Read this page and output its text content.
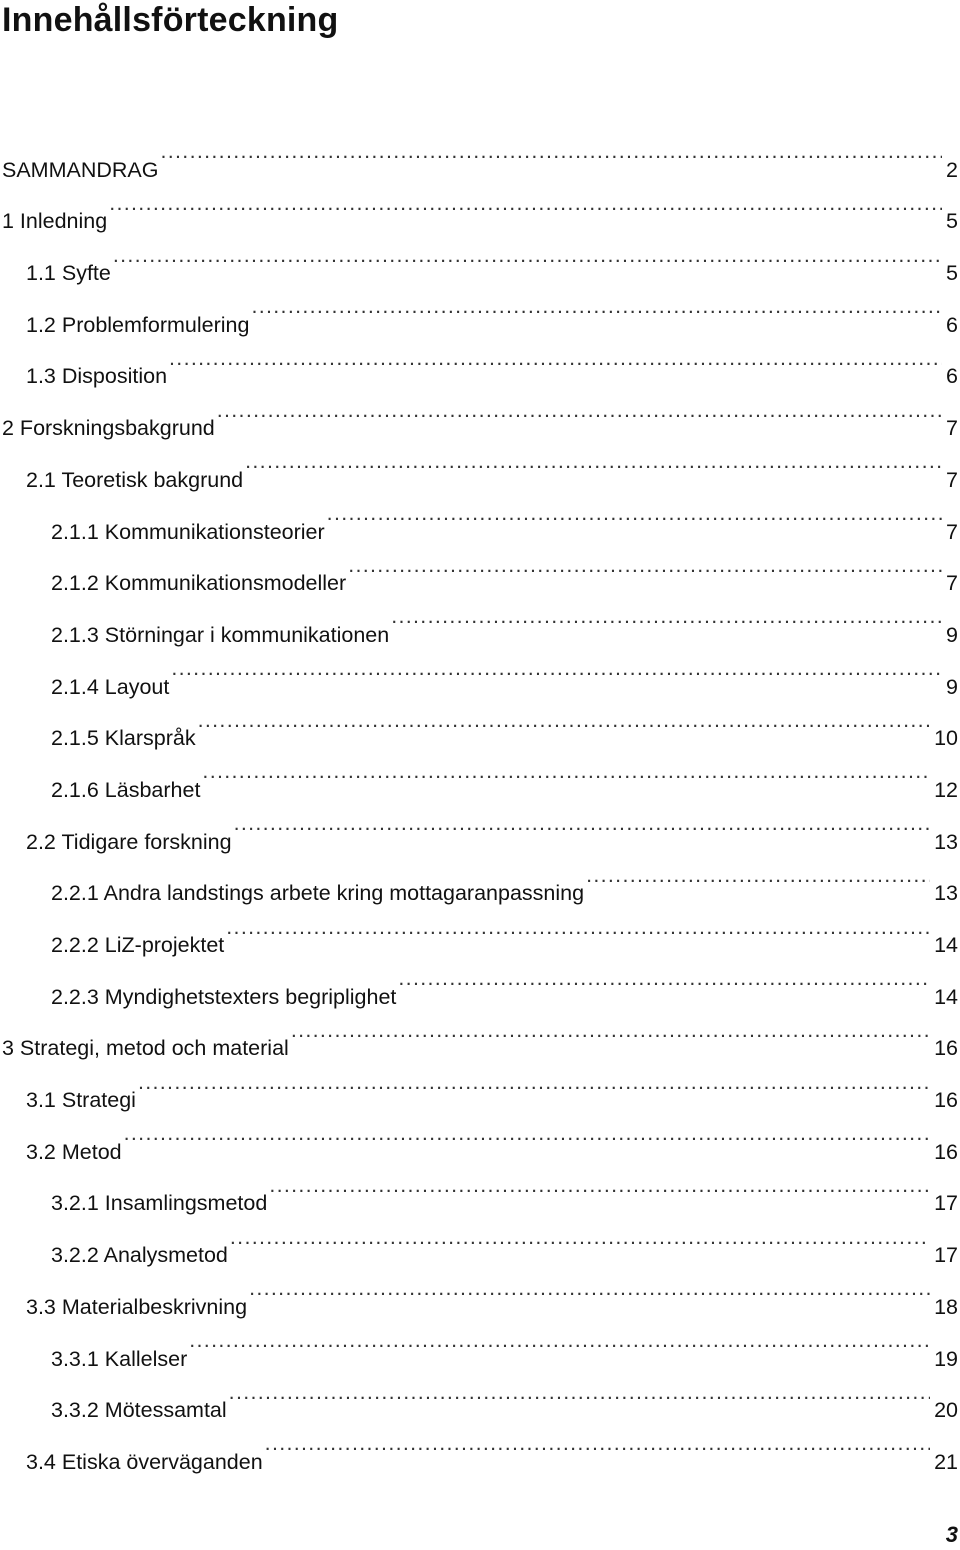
Innehållsförteckning
SAMMANDRAG .....	2
1 Inledning .....	5
1.1 Syfte .....	5
1.2 Problemformulering .....	6
1.3 Disposition .....	6
2 Forskningsbakgrund .....	7
2.1 Teoretisk bakgrund .....	7
2.1.1 Kommunikationsteorier .....	7
2.1.2 Kommunikationsmodeller .....	7
2.1.3 Störningar i kommunikationen .....	9
2.1.4 Layout .....	9
2.1.5 Klarspråk .....	10
2.1.6 Läsbarhet .....	12
2.2 Tidigare forskning .....	13
2.2.1 Andra landstings arbete kring mottagaranpassning .....	13
2.2.2 LiZ-projektet .....	14
2.2.3 Myndighetstexters begriplighet .....	14
3 Strategi, metod och material .....	16
3.1 Strategi .....	16
3.2 Metod .....	16
3.2.1 Insamlingsmetod .....	17
3.2.2 Analysmetod .....	17
3.3 Materialbeskrivning .....	18
3.3.1 Kallelser .....	19
3.3.2 Mötessamtal .....	20
3.4 Etiska överväganden .....	21
3
